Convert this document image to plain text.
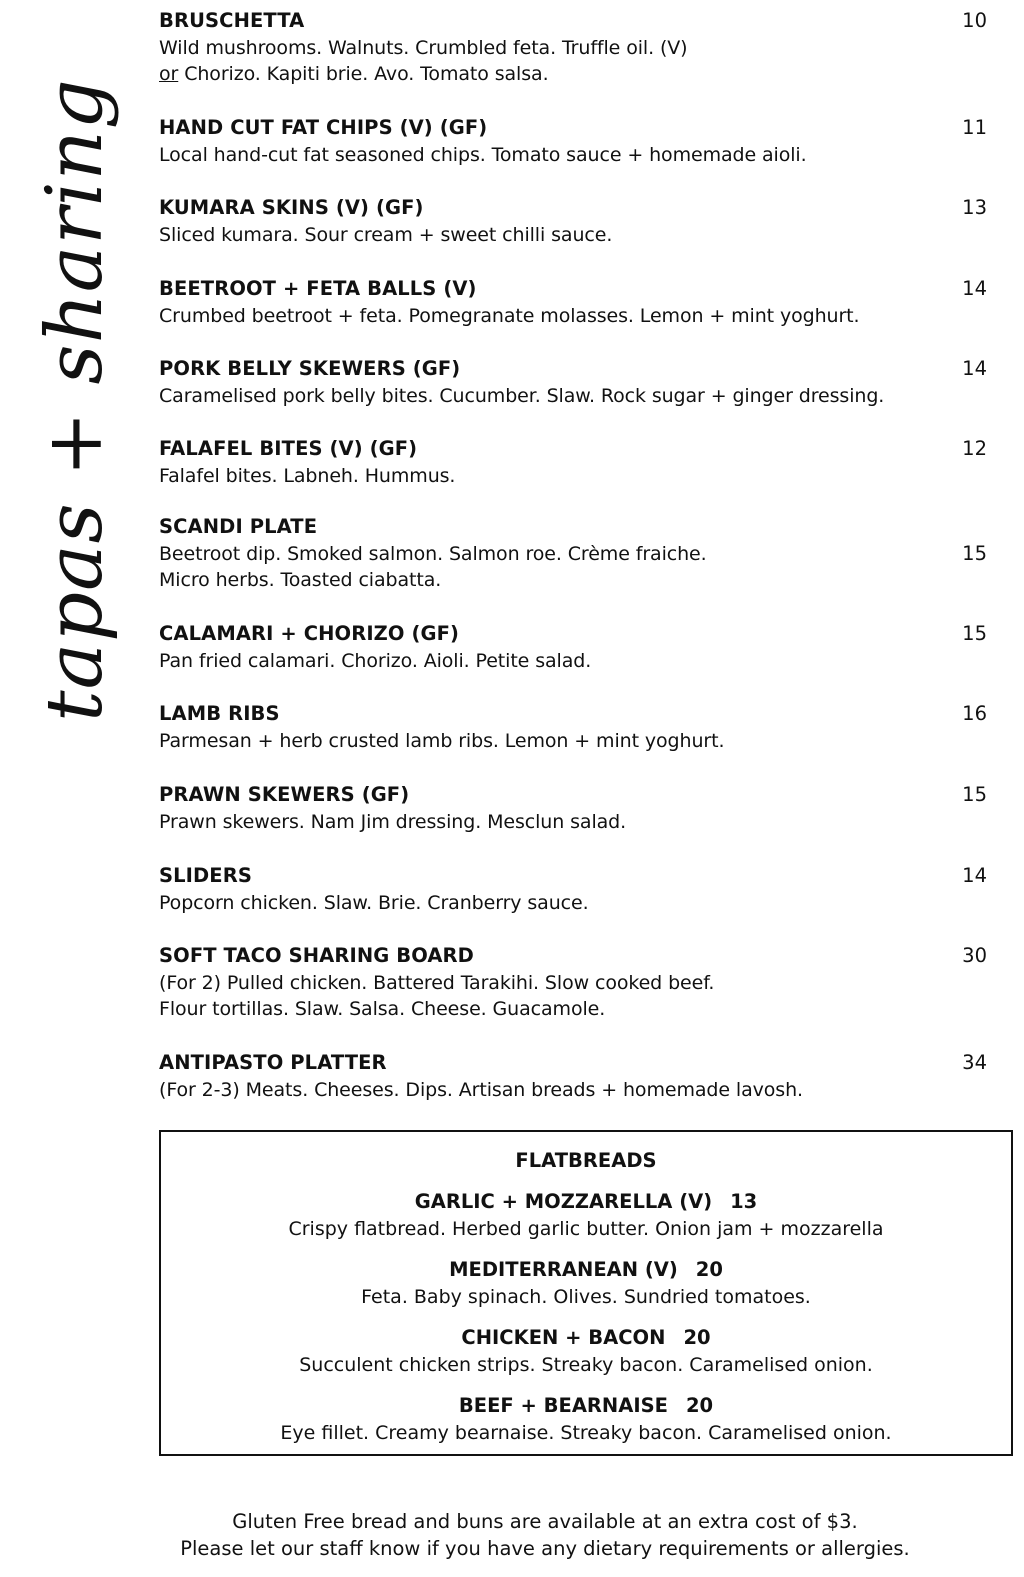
tapas + sharing
10
BRUSCHETTA
Wild mushrooms. Walnuts. Crumbled feta. Truffle oil. (V)
or Chorizo. Kapiti brie. Avo. Tomato salsa.
11
HAND CUT FAT CHIPS (V) (GF)
Local hand-cut fat seasoned chips. Tomato sauce + homemade aioli.
13
KUMARA SKINS (V) (GF)
Sliced kumara. Sour cream + sweet chilli sauce.
14
BEETROOT + FETA BALLS (V)
Crumbed beetroot + feta. Pomegranate molasses. Lemon + mint yoghurt.
14
PORK BELLY SKEWERS (GF)
Caramelised pork belly bites. Cucumber. Slaw. Rock sugar + ginger dressing.
12
FALAFEL BITES (V) (GF)
Falafel bites. Labneh. Hummus.
15
SCANDI PLATE
Beetroot dip. Smoked salmon. Salmon roe. Crème fraiche.
Micro herbs. Toasted ciabatta.
15
CALAMARI + CHORIZO (GF)
Pan fried calamari. Chorizo. Aioli. Petite salad.
16
LAMB RIBS
Parmesan + herb crusted lamb ribs. Lemon + mint yoghurt.
15
PRAWN SKEWERS (GF)
Prawn skewers. Nam Jim dressing. Mesclun salad.
14
SLIDERS
Popcorn chicken. Slaw. Brie. Cranberry sauce.
30
SOFT TACO SHARING BOARD
(For 2) Pulled chicken. Battered Tarakihi. Slow cooked beef.
Flour tortillas. Slaw. Salsa. Cheese. Guacamole.
34
ANTIPASTO PLATTER
(For 2-3) Meats. Cheeses. Dips. Artisan breads + homemade lavosh.
FLATBREADS
GARLIC + MOZZARELLA (V) 13
Crispy flatbread. Herbed garlic butter. Onion jam + mozzarella
MEDITERRANEAN (V) 20
Feta. Baby spinach. Olives. Sundried tomatoes.
CHICKEN + BACON 20
Succulent chicken strips. Streaky bacon. Caramelised onion.
BEEF + BEARNAISE 20
Eye fillet. Creamy bearnaise. Streaky bacon. Caramelised onion.
Gluten Free bread and buns are available at an extra cost of $3.
Please let our staff know if you have any dietary requirements or allergies.
